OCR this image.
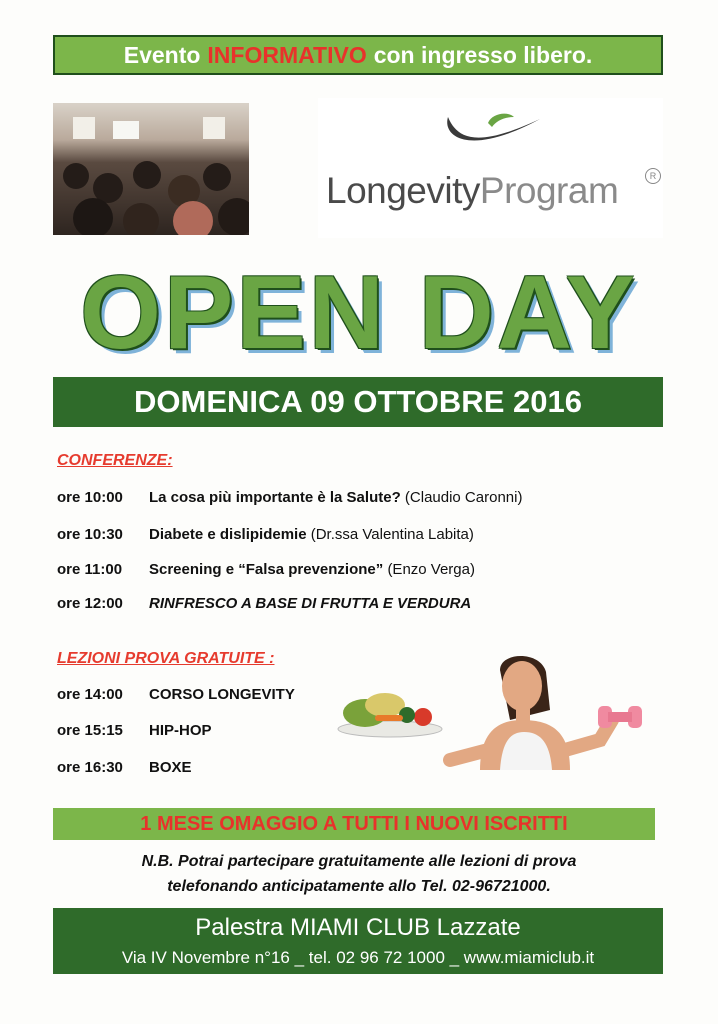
Evento INFORMATIVO con ingresso libero.
LongevityProgram	R
OPEN DAY
DOMENICA 09 OTTOBRE 2016
CONFERENZE:
ore 10:00 La cosa più importante è la Salute? (Claudio Caronni)
ore 10:30 Diabete e dislipidemie (Dr.ssa Valentina Labita)
ore 11:00 Screening e “Falsa prevenzione” (Enzo Verga)
ore 12:00 RINFRESCO A BASE DI FRUTTA E VERDURA
LEZIONI PROVA GRATUITE :
ore 14:00 CORSO LONGEVITY
ore 15:15 HIP-HOP
ore 16:30 BOXE
1 MESE OMAGGIO A TUTTI I NUOVI ISCRITTI
N.B. Potrai partecipare gratuitamente alle lezioni di prova
telefonando anticipatamente allo Tel. 02-96721000.
Palestra MIAMI CLUB Lazzate
Via IV Novembre n°16 _ tel. 02 96 72 1000 _ www.miamiclub.it
